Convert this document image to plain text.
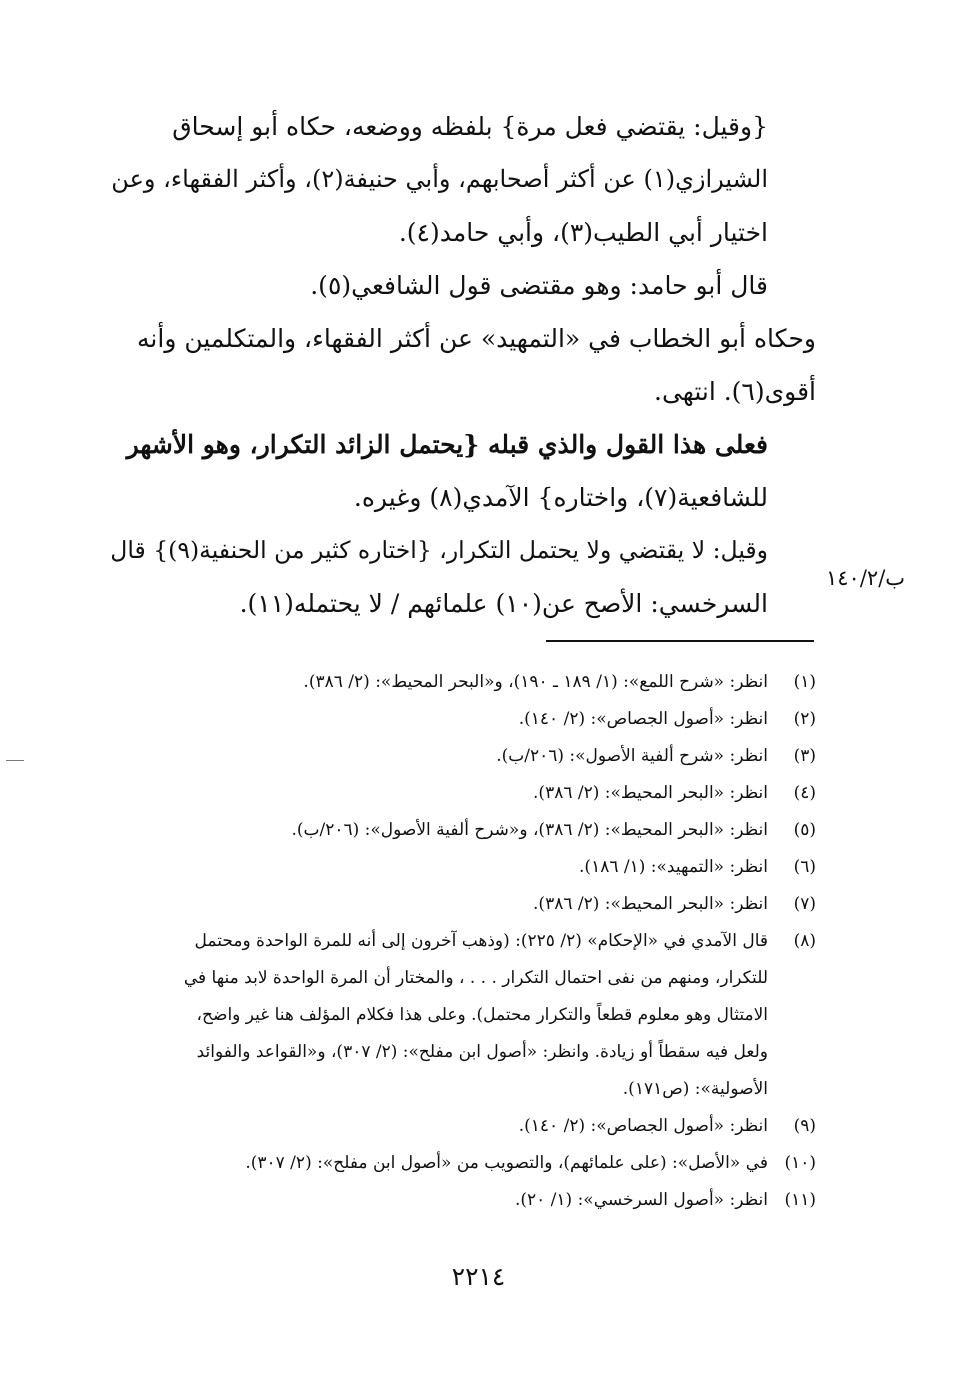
{وقيل: يقتضي فعل مرة} بلفظه ووضعه، حكاه أبو إسحاق
الشيرازي(١) عن أكثر أصحابهم، وأبي حنيفة(٢)، وأكثر الفقهاء، وعن
اختيار أبي الطيب(٣)، وأبي حامد(٤).

قال أبو حامد: وهو مقتضى قول الشافعي(٥).

وحكاه أبو الخطاب في «التمهيد» عن أكثر الفقهاء، والمتكلمين وأنه
أقوى(٦). انتهى.

فعلى هذا القول والذي قبله {يحتمل الزائد التكرار، وهو الأشهر
للشافعية(٧)، واختاره} الآمدي(٨) وغيره.

وقيل: لا يقتضي ولا يحتمل التكرار، {اختاره كثير من الحنفية(٩)} قال
السرخسي: الأصح عن(١٠) علمائهم / لا يحتمله(١١).

ب/١٤٠/٢
(١)
انظر: «شرح اللمع»: (١/ ١٨٩ ـ ١٩٠)، و«البحر المحيط»: (٢/ ٣٨٦).
(٢)
انظر: «أصول الجصاص»: (٢/ ١٤٠).
(٣)
انظر: «شرح ألفية الأصول»: (٢٠٦/ب).
(٤)
انظر: «البحر المحيط»: (٢/ ٣٨٦).
(٥)
انظر: «البحر المحيط»: (٢/ ٣٨٦)، و«شرح ألفية الأصول»: (٢٠٦/ب).
(٦)
انظر: «التمهيد»: (١/ ١٨٦).
(٧)
انظر: «البحر المحيط»: (٢/ ٣٨٦).
(٨)
قال الآمدي في «الإحكام» (٢/ ٢٢٥): (وذهب آخرون إلى أنه للمرة الواحدة ومحتمل
للتكرار، ومنهم من نفى احتمال التكرار . . . ، والمختار أن المرة الواحدة لابد منها في
الامتثال وهو معلوم قطعاً والتكرار محتمل). وعلى هذا فكلام المؤلف هنا غير واضح،
ولعل فيه سقطاً أو زيادة. وانظر: «أصول ابن مفلح»: (٢/ ٣٠٧)، و«القواعد والفوائد
الأصولية»: (ص١٧١).
(٩)
انظر: «أصول الجصاص»: (٢/ ١٤٠).
(١٠)
في «الأصل»: (على علمائهم)، والتصويب من «أصول ابن مفلح»: (٢/ ٣٠٧).
(١١)
انظر: «أصول السرخسي»: (١/ ٢٠).
٢٢١٤
